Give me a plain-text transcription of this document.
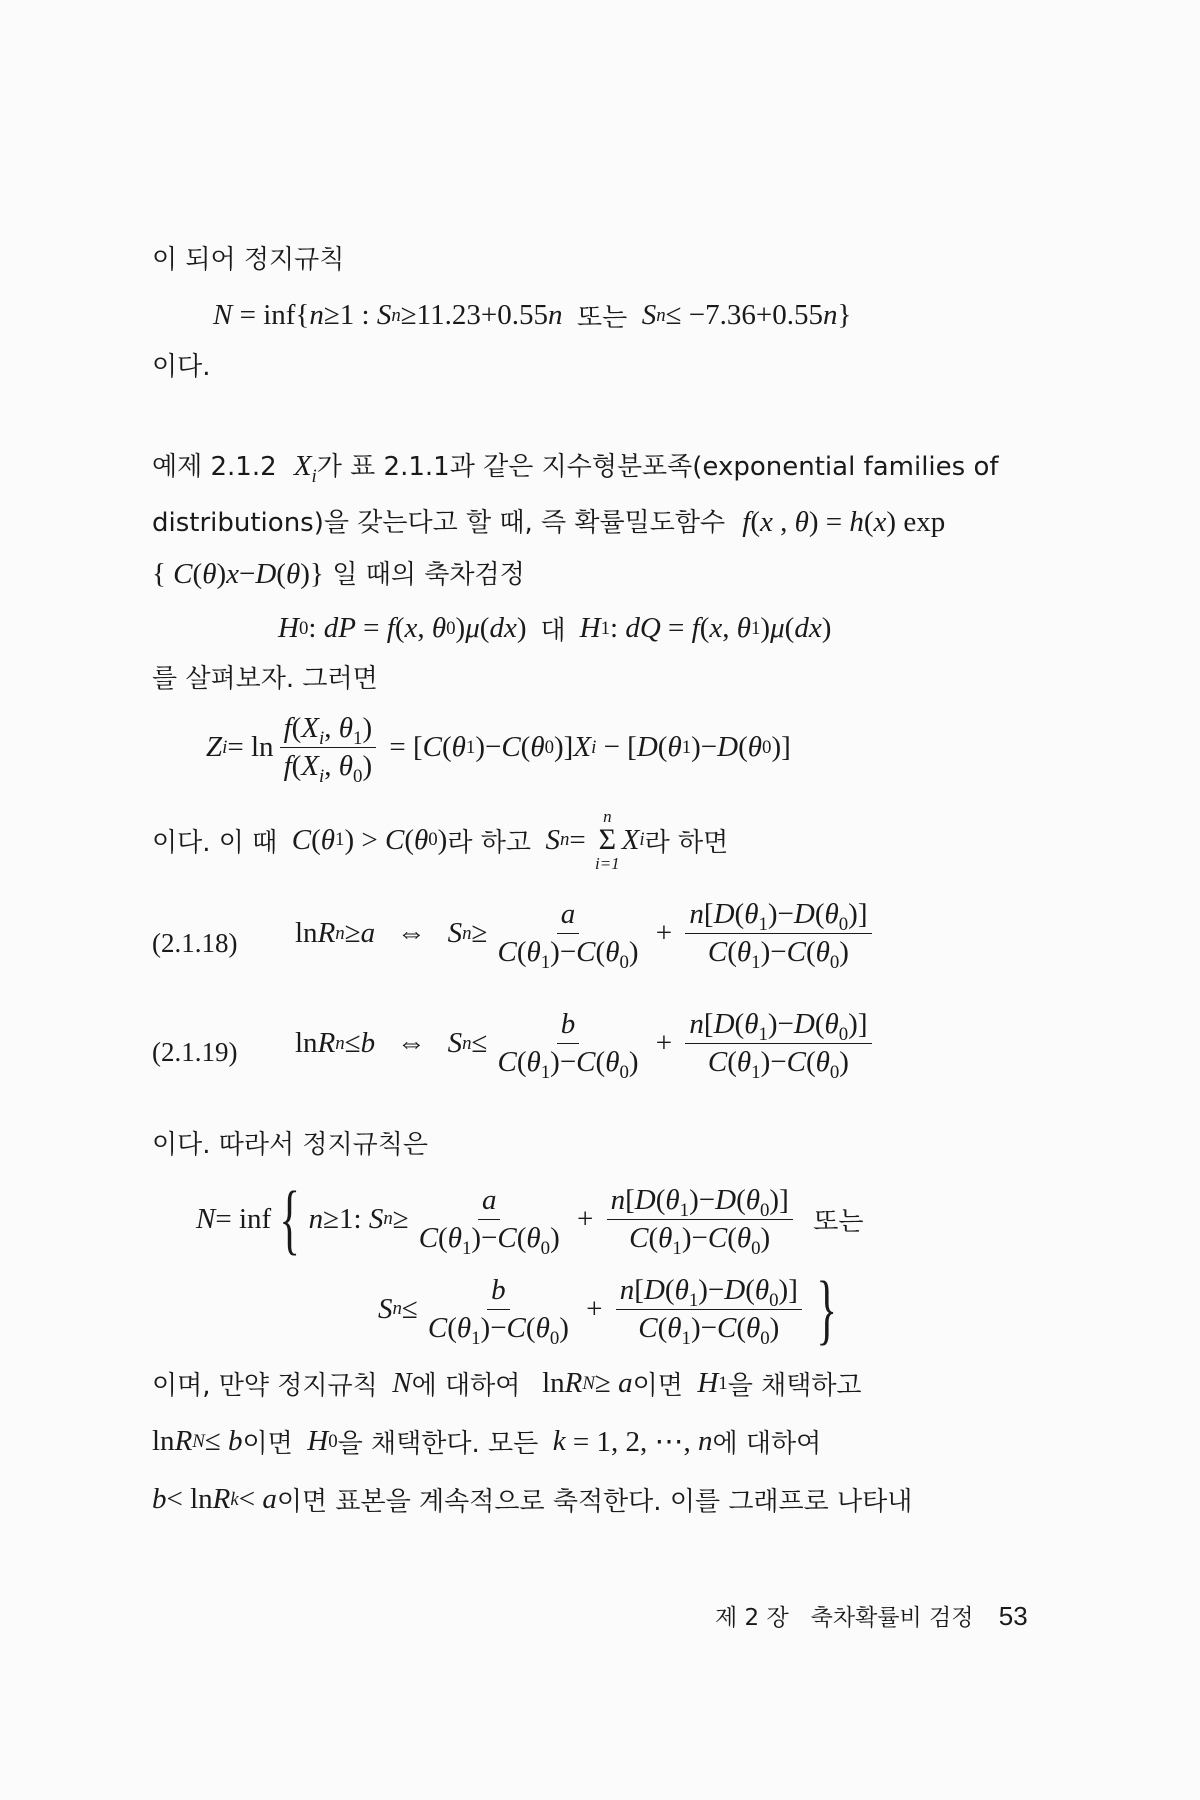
이 되어 정지규칙
N = inf{ n ≥1 : S n ≥11.23+0.55 n
또는
S n ≤ −7.36+0.55 n }
이다.
예제 2.1.2 $X_i$가 표 2.1.1과 같은 지수형분포족(exponential families of
distributions)을 갖는다고 할 때, 즉 확률밀도함수 f(x , θ) = h(x) exp
{ C(θ)x−D(θ)} 일 때의 축차검정
H 0 : dP = f ( x , θ 0 ) μ ( dx ) 대 H 1 : dQ = f ( x , θ 1 ) μ ( dx )
를 살펴보자. 그러면
Z $i = \ln \frac{f(X_i, \theta_1)}{f(X_i, \theta_0)}$ = [ C ( θ 1 )− C ( θ 0 )] X i − [ D ( θ 1 )− D ( θ 0 )]
이다. 이 때
C ( θ 1 ) > C ( θ 0 ) 라 하고
S n =
n
Σ
i=1
X i 라 하면
(2.1.18) ln R n ≥ a ⇔ S $n \ge \frac{a}{C(\theta_1)-C(\theta_0)} + \frac{n[D(\theta_1)-D(\theta_0)]}{C(\theta_1)-C(\theta_0)}$
(2.1.19) ln R n ≤ b ⇔ S $n \le \frac{b}{C(\theta_1)-C(\theta_0)} + \frac{n[D(\theta_1)-D(\theta_0)]}{C(\theta_1)-C(\theta_0)}$
이다. 따라서 정지규칙은
N = inf { n ≥1: S $n \ge \frac{a}{C(\theta_1)-C(\theta_0)} + \frac{n[D(\theta_1)-D(\theta_0)]}{C(\theta_1)-C(\theta_0)}$
또는
S $n \le \frac{b}{C(\theta_1)-C(\theta_0)} + \frac{n[D(\theta_1)-D(\theta_0)]}{C(\theta_1)-C(\theta_0)}$ }
이며, 만약 정지규칙
N 에 대하여 ln R N ≥ a 이면
H 1 을 채택하고
ln R N ≤ b 이면
H 0 을 채택한다. 모든
k = 1, 2, ⋯, n 에 대하여
b < ln R k < a 이면 표본을 계속적으로 축적한다. 이를 그래프로 나타내
제 2 장 축차확률비 검정 53
